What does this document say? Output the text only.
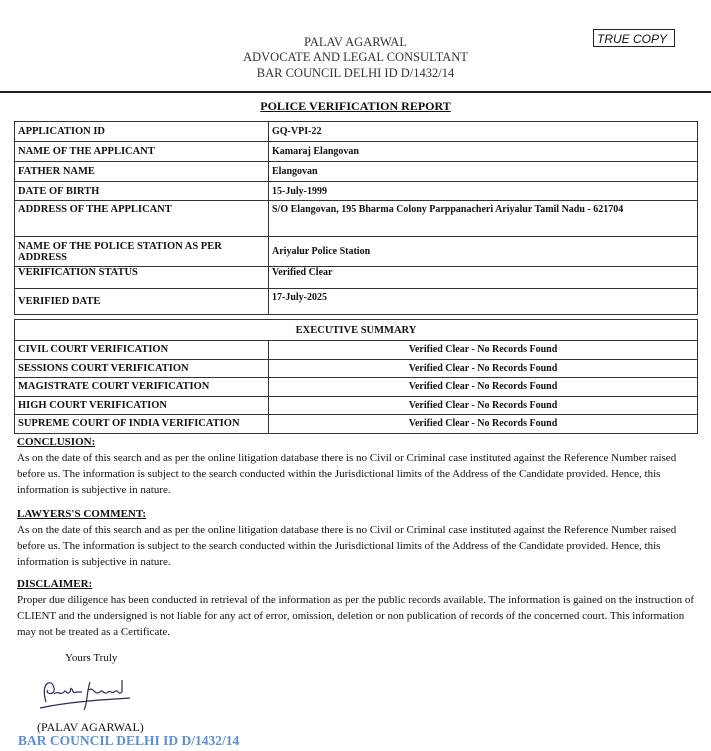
PALAV AGARWAL
ADVOCATE AND LEGAL CONSULTANT
BAR COUNCIL DELHI ID D/1432/14
TRUE COPY
POLICE VERIFICATION REPORT
APPLICATION ID	GQ-VPI-22
NAME OF THE APPLICANT	Kamaraj Elangovan
FATHER NAME	Elangovan
DATE OF BIRTH	15-July-1999
ADDRESS OF THE APPLICANT	S/O Elangovan, 195 Bharma Colony Parppanacheri Ariyalur Tamil Nadu - 621704
NAME OF THE POLICE STATION AS PER ADDRESS	Ariyalur Police Station
VERIFICATION STATUS	Verified Clear
VERIFIED DATE	17-July-2025
EXECUTIVE SUMMARY	
CIVIL COURT VERIFICATION	Verified Clear - No Records Found
SESSIONS COURT VERIFICATION	Verified Clear - No Records Found
MAGISTRATE COURT VERIFICATION	Verified Clear - No Records Found
HIGH COURT VERIFICATION	Verified Clear - No Records Found
SUPREME COURT OF INDIA VERIFICATION	Verified Clear - No Records Found
CONCLUSION:
As on the date of this search and as per the online litigation database there is no Civil or Criminal case instituted against the Reference Number raised before us. The information is subject to the search conducted within the Jurisdictional limits of the Address of the Candidate provided. Hence, this information is subjective in nature.
LAWYERS'S COMMENT:
As on the date of this search and as per the online litigation database there is no Civil or Criminal case instituted against the Reference Number raised before us. The information is subject to the search conducted within the Jurisdictional limits of the Address of the Candidate provided. Hence, this information is subjective in nature.
DISCLAIMER:
Proper due diligence has been conducted in retrieval of the information as per the public records available. The information is gained on the instruction of CLIENT and the undersigned is not liable for any act of error, omission, deletion or non publication of records of the concerned court. This information may not be treated as a Certificate.
Yours Truly
(PALAV AGARWAL)
BAR COUNCIL DELHI ID D/1432/14
